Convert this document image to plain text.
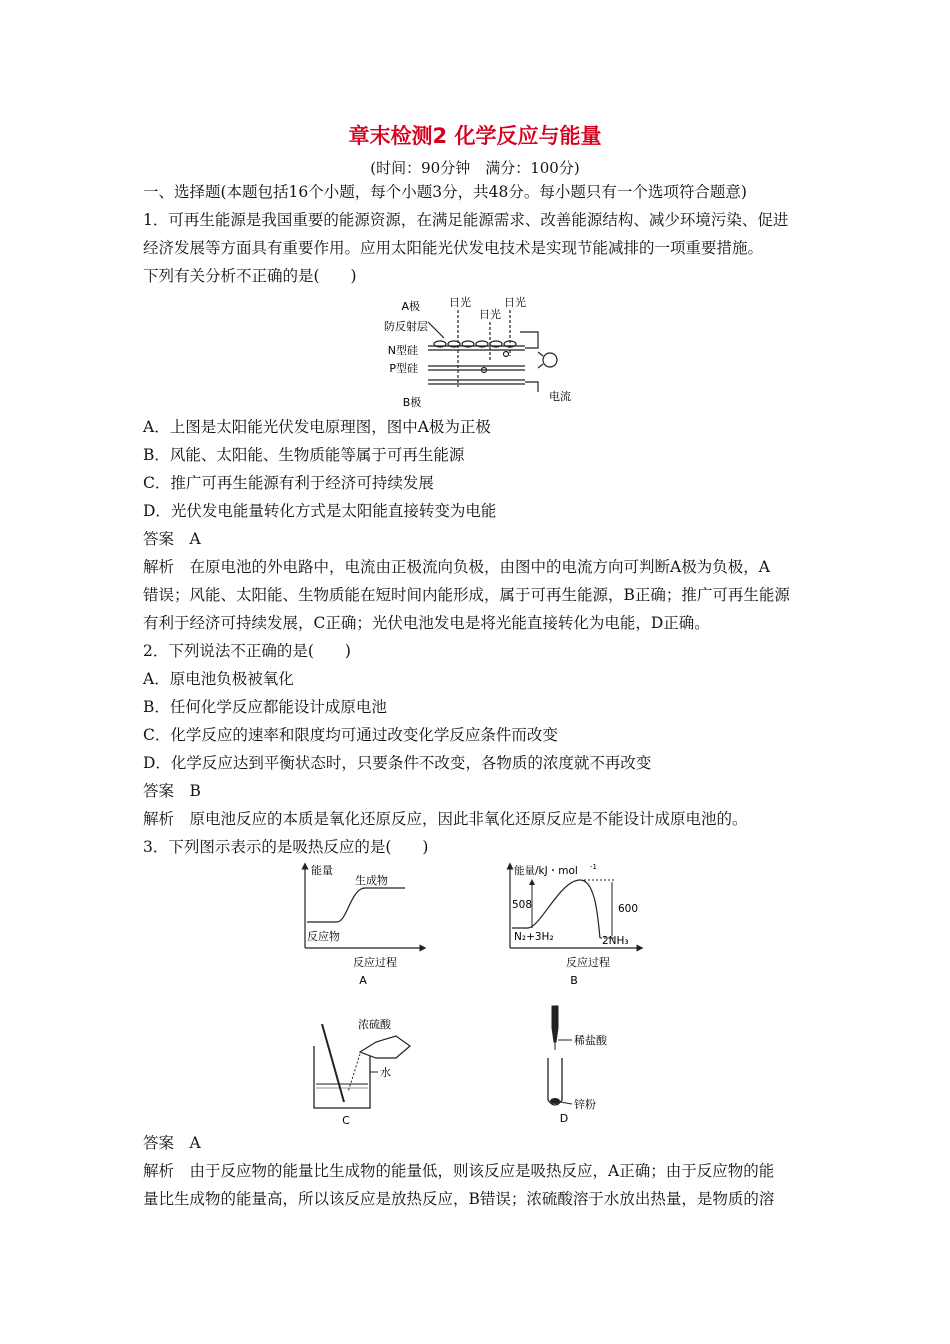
章末检测2 化学反应与能量
(时间：90分钟　满分：100分)
一、选择题(本题包括16个小题，每个小题3分，共48分。每小题只有一个选项符合题意)
1．可再生能源是我国重要的能源资源，在满足能源需求、改善能源结构、减少环境污染、促进
经济发展等方面具有重要作用。应用太阳能光伏发电技术是实现节能减排的一项重要措施。
下列有关分析不正确的是(　　)
A极	日光
日光
日光
防反射层
N型硅
P型硅
B极	电流
A．上图是太阳能光伏发电原理图，图中A极为正极
B．风能、太阳能、生物质能等属于可再生能源
C．推广可再生能源有利于经济可持续发展
D．光伏发电能量转化方式是太阳能直接转变为电能
答案　A
解析　在原电池的外电路中，电流由正极流向负极，由图中的电流方向可判断A极为负极，A
错误；风能、太阳能、生物质能在短时间内能形成，属于可再生能源，B正确；推广可再生能源
有利于经济可持续发展，C正确；光伏电池发电是将光能直接转化为电能，D正确。
2．下列说法不正确的是(　　)
A．原电池负极被氧化
B．任何化学反应都能设计成原电池
C．化学反应的速率和限度均可通过改变化学反应条件而改变
D．化学反应达到平衡状态时，只要条件不改变，各物质的浓度就不再改变
答案　B
解析　原电池反应的本质是氧化还原反应，因此非氧化还原反应是不能设计成原电池的。
3．下列图示表示的是吸热反应的是(　　)
能量
生成物
反应物
反应过程
A
能量/kJ・mol -1
508	600
N₂+3H₂	2NH₃
反应过程
B
浓硫酸
水
C
稀盐酸
锌粉
D
答案　A
解析　由于反应物的能量比生成物的能量低，则该反应是吸热反应，A正确；由于反应物的能
量比生成物的能量高，所以该反应是放热反应，B错误；浓硫酸溶于水放出热量，是物质的溶
